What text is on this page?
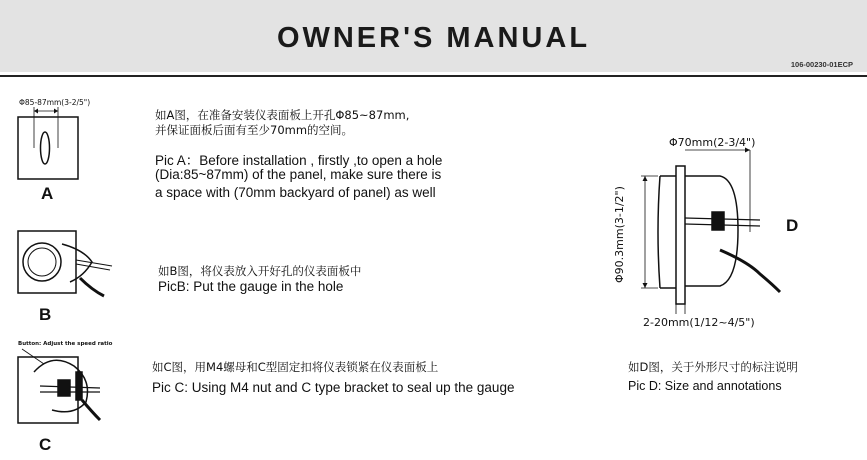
OWNER'S MANUAL
106-00230-01ECP
Φ85-87mm(3-2/5")
A
如A图，在准备安装仪表面板上开孔Φ85~87mm,
并保证面板后面有至少70mm的空间。
Pic A：Before installation , firstly ,to open a hole
(Dia:85~87mm) of the panel, make sure there is
a space with (70mm backyard of panel) as well
B
如B图，将仪表放入开好孔的仪表面板中
PicB: Put the gauge in the hole
Button: Adjust the speed ratio
C
如C图，用M4螺母和C型固定扣将仪表锁紧在仪表面板上
Pic C: Using M4 nut and C type bracket to seal up the gauge
Φ70mm(2-3/4")
Φ90.3mm(3-1/2")
2-20mm(1/12~4/5")
D
如D图，关于外形尺寸的标注说明
Pic D: Size and annotations
